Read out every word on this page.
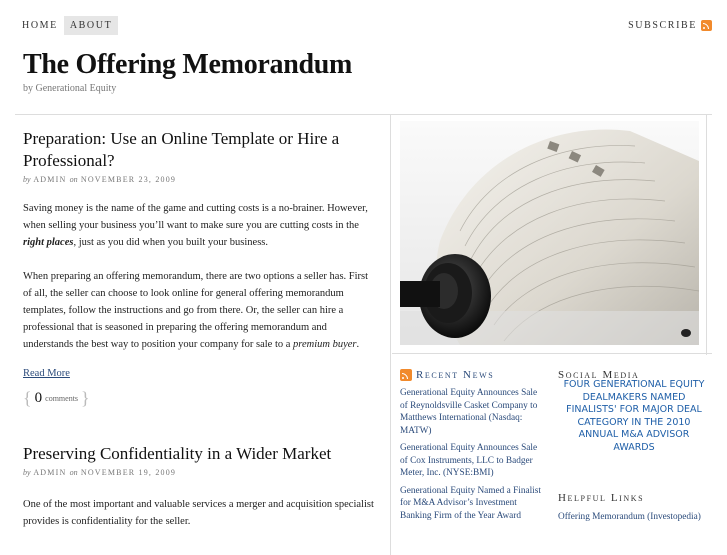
HOME	ABOUT	SUBSCRIBE
The Offering Memorandum
by Generational Equity
Preparation: Use an Online Template or Hire a Professional?
by ADMIN on NOVEMBER 23, 2009

Saving money is the name of the game and cutting costs is a no-brainer. However, when selling your business you’ll want to make sure you are cutting costs in the right places, just as you did when you built your business.

When preparing an offering memorandum, there are two options a seller has. First of all, the seller can choose to look online for general offering memorandum templates, follow the instructions and go from there. Or, the seller can hire a professional that is seasoned in preparing the offering memorandum and understands the best way to position your company for sale to a premium buyer.

Read More
{ 0 comments }
Preserving Confidentiality in a Wider Market
by ADMIN on NOVEMBER 19, 2009

One of the most important and valuable services a merger and acquisition specialist provides is confidentiality for the seller.

Recent News
Generational Equity Announces Sale of Reynoldsville Casket Company to Matthews International (Nasdaq: MATW)
Generational Equity Announces Sale of Cox Instruments, LLC to Badger Meter, Inc. (NYSE:BMI)
Generational Equity Named a Finalist for M&A Advisor’s Investment Banking Firm of the Year Award
Social Media
FOUR GENERATIONAL EQUITY DEALMAKERS NAMED FINALISTS' FOR MAJOR DEAL CATEGORY IN THE 2010 ANNUAL M&A ADVISOR AWARDS
Helpful Links
Offering Memorandum (Investopedia)
